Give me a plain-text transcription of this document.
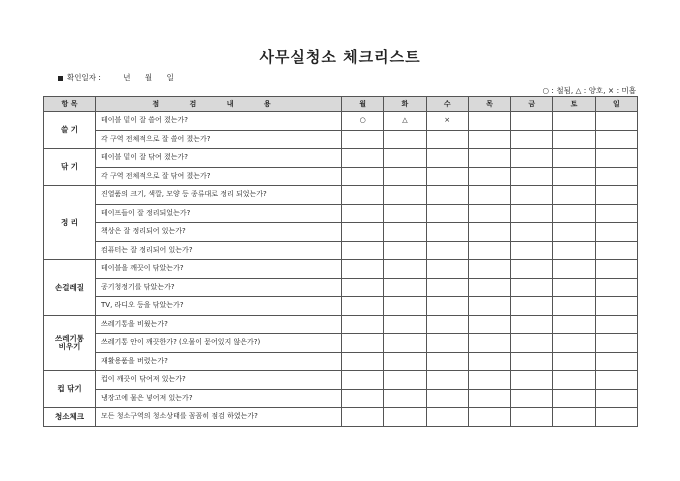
사무실청소 체크리스트
확인일자 :	년 월 일
○ : 철됨, △ : 양호, × : 미흡
항 목	점 검 내 용	월	화	수	목	금	토	일

쓸 기	테이블 밑이 잘 쓸어 졌는가?	○	△	×				
	각 구역 전체적으로 잘 쓸어 졌는가?							

닦 기	테이블 밑이 잘 닦여 졌는가?							
	각 구역 전체적으로 잘 닦여 졌는가?							

정 리	진열품의 크기, 색깔, 모양 등 종류대로 정리 되었는가?							
	테이프들이 잘 정리되었는가?							
	책상은 잘 정리되어 있는가?							
	컴퓨터는 잘 정리되어 있는가?							

손걸레질	테이블을 깨끗이 닦았는가?							
	공기청정기를 닦았는가?							
	TV, 라디오 등을 닦았는가?							

쓰레기통
비우기	쓰레기통을 비웠는가?							
	쓰레기통 안이 깨끗한가? (오물이 묻어있지 않은가?)							
	재활용품을 버렸는가?							

컵 닦기	컵이 깨끗이 닦여져 있는가?							
	냉장고에 물은 넣어져 있는가?							

청소체크	모든 청소구역의 청소상태를 꼼꼼히 점검 하였는가?							
